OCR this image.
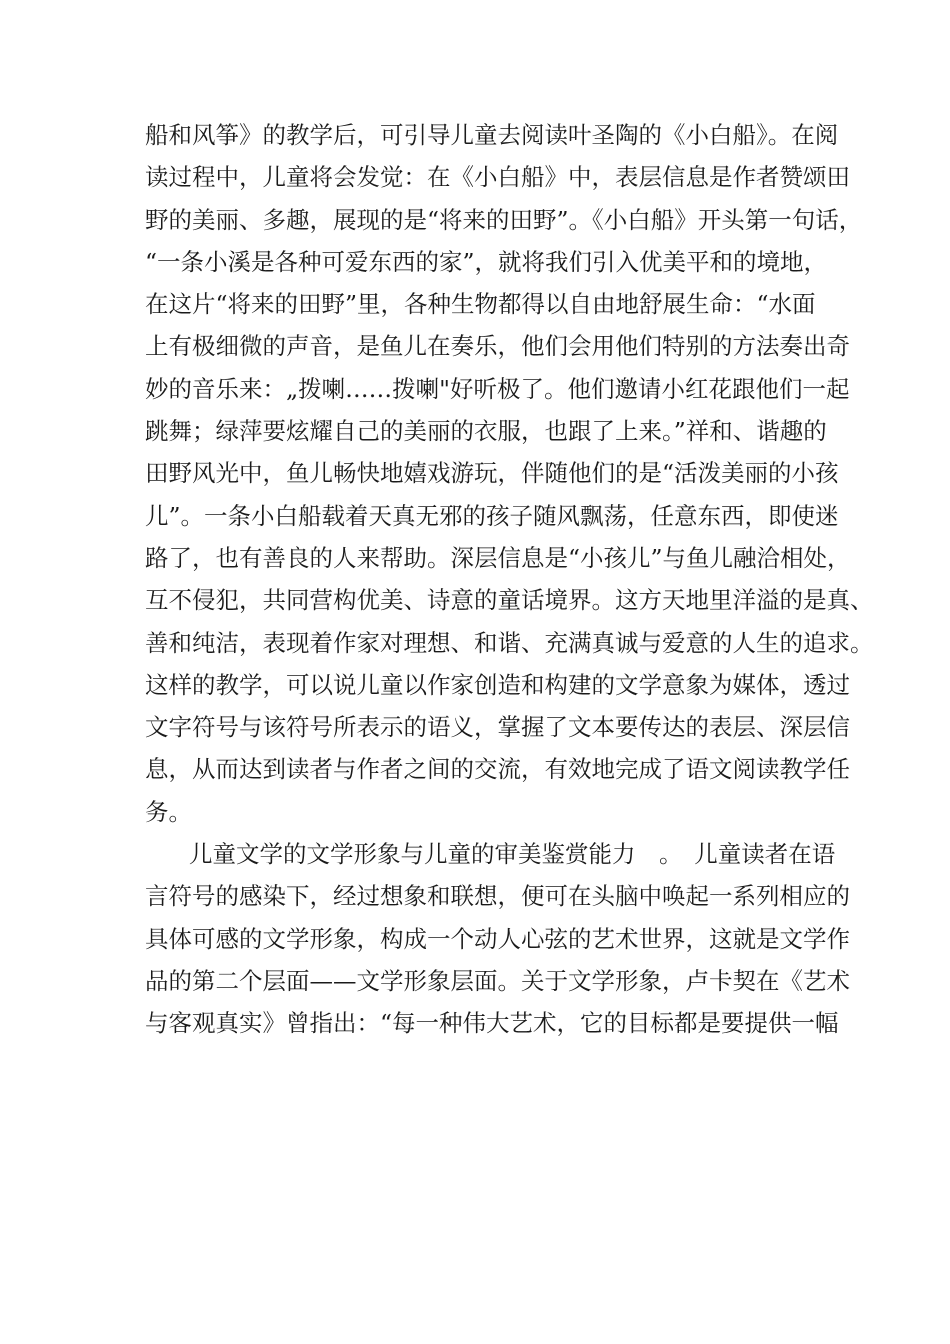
船和风筝》的教学后，可引导儿童去阅读叶圣陶的《小白船》。在阅
读过程中，儿童将会发觉：在《小白船》中，表层信息是作者赞颂田
野的美丽、多趣，展现的是“将来的田野”。《小白船》开头第一句话，
“一条小溪是各种可爱东西的家”，就将我们引入优美平和的境地，
在这片“将来的田野”里，各种生物都得以自由地舒展生命：“水面
上有极细微的声音，是鱼儿在奏乐，他们会用他们特别的方法奏出奇
妙的音乐来：„拨喇……拨喇"好听极了。他们邀请小红花跟他们一起
跳舞；绿萍要炫耀自己的美丽的衣服，也跟了上来。”祥和、谐趣的
田野风光中，鱼儿畅快地嬉戏游玩，伴随他们的是“活泼美丽的小孩
儿”。一条小白船载着天真无邪的孩子随风飘荡，任意东西，即使迷
路了，也有善良的人来帮助。深层信息是“小孩儿”与鱼儿融洽相处，
互不侵犯，共同营构优美、诗意的童话境界。这方天地里洋溢的是真、
善和纯洁，表现着作家对理想、和谐、充满真诚与爱意的人生的追求。
这样的教学，可以说儿童以作家创造和构建的文学意象为媒体，透过
文字符号与该符号所表示的语义，掌握了文本要传达的表层、深层信
息，从而达到读者与作者之间的交流，有效地完成了语文阅读教学任
务。
儿童文学的文学形象与儿童的审美鉴赏能力　。　儿童读者在语
言符号的感染下，经过想象和联想，便可在头脑中唤起一系列相应的
具体可感的文学形象，构成一个动人心弦的艺术世界，这就是文学作
品的第二个层面——文学形象层面。关于文学形象，卢卡契在《艺术
与客观真实》曾指出：“每一种伟大艺术，它的目标都是要提供一幅
